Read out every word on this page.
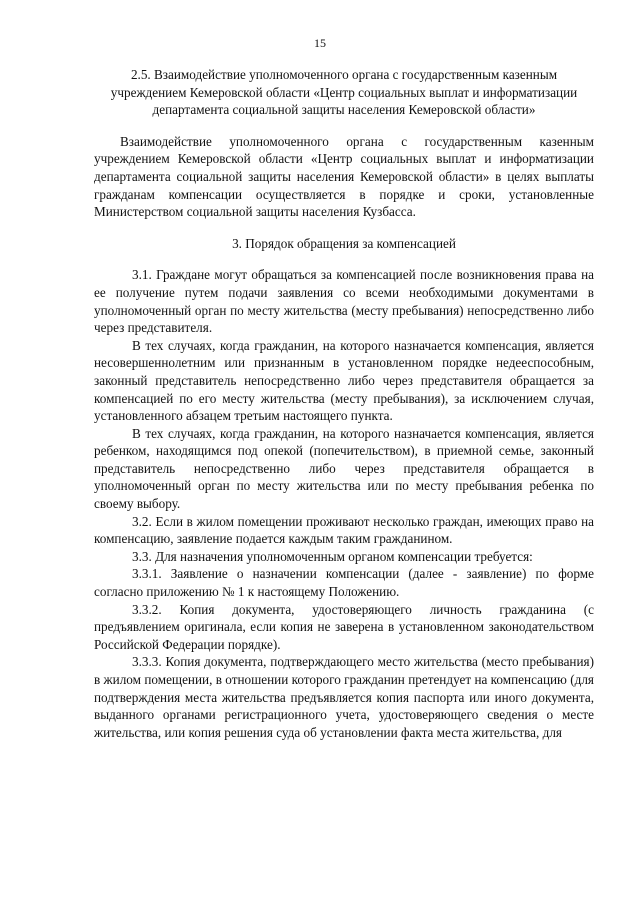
15
2.5. Взаимодействие уполномоченного органа с государственным казенным учреждением Кемеровской области «Центр социальных выплат и информатизации департамента социальной защиты населения Кемеровской области»

Взаимодействие уполномоченного органа с государственным казенным учреждением Кемеровской области «Центр социальных выплат и информатизации департамента социальной защиты населения Кемеровской области» в целях выплаты гражданам компенсации осуществляется в порядке и сроки, установленные Министерством социальной защиты населения Кузбасса.

3. Порядок обращения за компенсацией

3.1. Граждане могут обращаться за компенсацией после возникновения права на ее получение путем подачи заявления со всеми необходимыми документами в уполномоченный орган по месту жительства (месту пребывания) непосредственно либо через представителя.

В тех случаях, когда гражданин, на которого назначается компенсация, является несовершеннолетним или признанным в установленном порядке недееспособным, законный представитель непосредственно либо через представителя обращается за компенсацией по его месту жительства (месту пребывания), за исключением случая, установленного абзацем третьим настоящего пункта.

В тех случаях, когда гражданин, на которого назначается компенсация, является ребенком, находящимся под опекой (попечительством), в приемной семье, законный представитель непосредственно либо через представителя обращается в уполномоченный орган по месту жительства или по месту пребывания ребенка по своему выбору.

3.2. Если в жилом помещении проживают несколько граждан, имеющих право на компенсацию, заявление подается каждым таким гражданином.

3.3. Для назначения уполномоченным органом компенсации требуется:

3.3.1. Заявление о назначении компенсации (далее - заявление) по форме согласно приложению № 1 к настоящему Положению.

3.3.2. Копия документа, удостоверяющего личность гражданина (с предъявлением оригинала, если копия не заверена в установленном законодательством Российской Федерации порядке).

3.3.3. Копия документа, подтверждающего место жительства (место пребывания) в жилом помещении, в отношении которого гражданин претендует на компенсацию (для подтверждения места жительства предъявляется копия паспорта или иного документа, выданного органами регистрационного учета, удостоверяющего сведения о месте жительства, или копия решения суда об установлении факта места жительства, для
